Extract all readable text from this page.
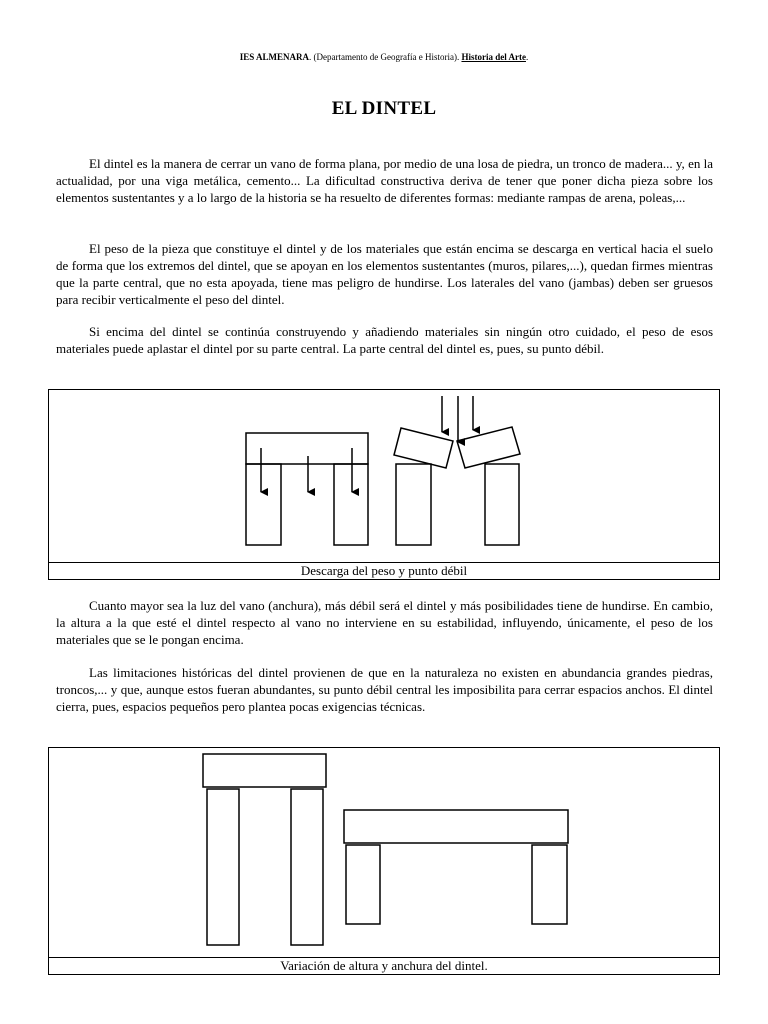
IES ALMENARA. (Departamento de Geografía e Historia). Historia del Arte.
EL DINTEL

El dintel es la manera de cerrar un vano de forma plana, por medio de una losa de piedra, un tronco de madera... y, en la actualidad, por una viga metálica, cemento... La dificultad constructiva deriva de tener que poner dicha pieza sobre los elementos sustentantes y a lo largo de la historia se ha resuelto de diferentes formas: mediante rampas de arena, poleas,...

El peso de la pieza que constituye el dintel y de los materiales que están encima se descarga en vertical hacia el suelo de forma que los extremos del dintel, que se apoyan en los elementos sustentantes (muros, pilares,...), quedan firmes mientras que la parte central, que no esta apoyada, tiene mas peligro de hundirse. Los laterales del vano (jambas) deben ser gruesos para recibir verticalmente el peso del dintel.

Si encima del dintel se continúa construyendo y añadiendo materiales sin ningún otro cuidado, el peso de esos materiales puede aplastar el dintel por su parte central. La parte central del dintel es, pues, su punto débil.

Descarga del peso y punto débil

Cuanto mayor sea la luz del vano (anchura), más débil será el dintel y más posibilidades tiene de hundirse. En cambio, la altura a la que esté el dintel respecto al vano no interviene en su estabilidad, influyendo, únicamente, el peso de los materiales que se le pongan encima.

Las limitaciones históricas del dintel provienen de que en la naturaleza no existen en abundancia grandes piedras, troncos,... y que, aunque estos fueran abundantes, su punto débil central les imposibilita para cerrar espacios anchos. El dintel cierra, pues, espacios pequeños pero plantea pocas exigencias técnicas.

Variación de altura y anchura del dintel.
